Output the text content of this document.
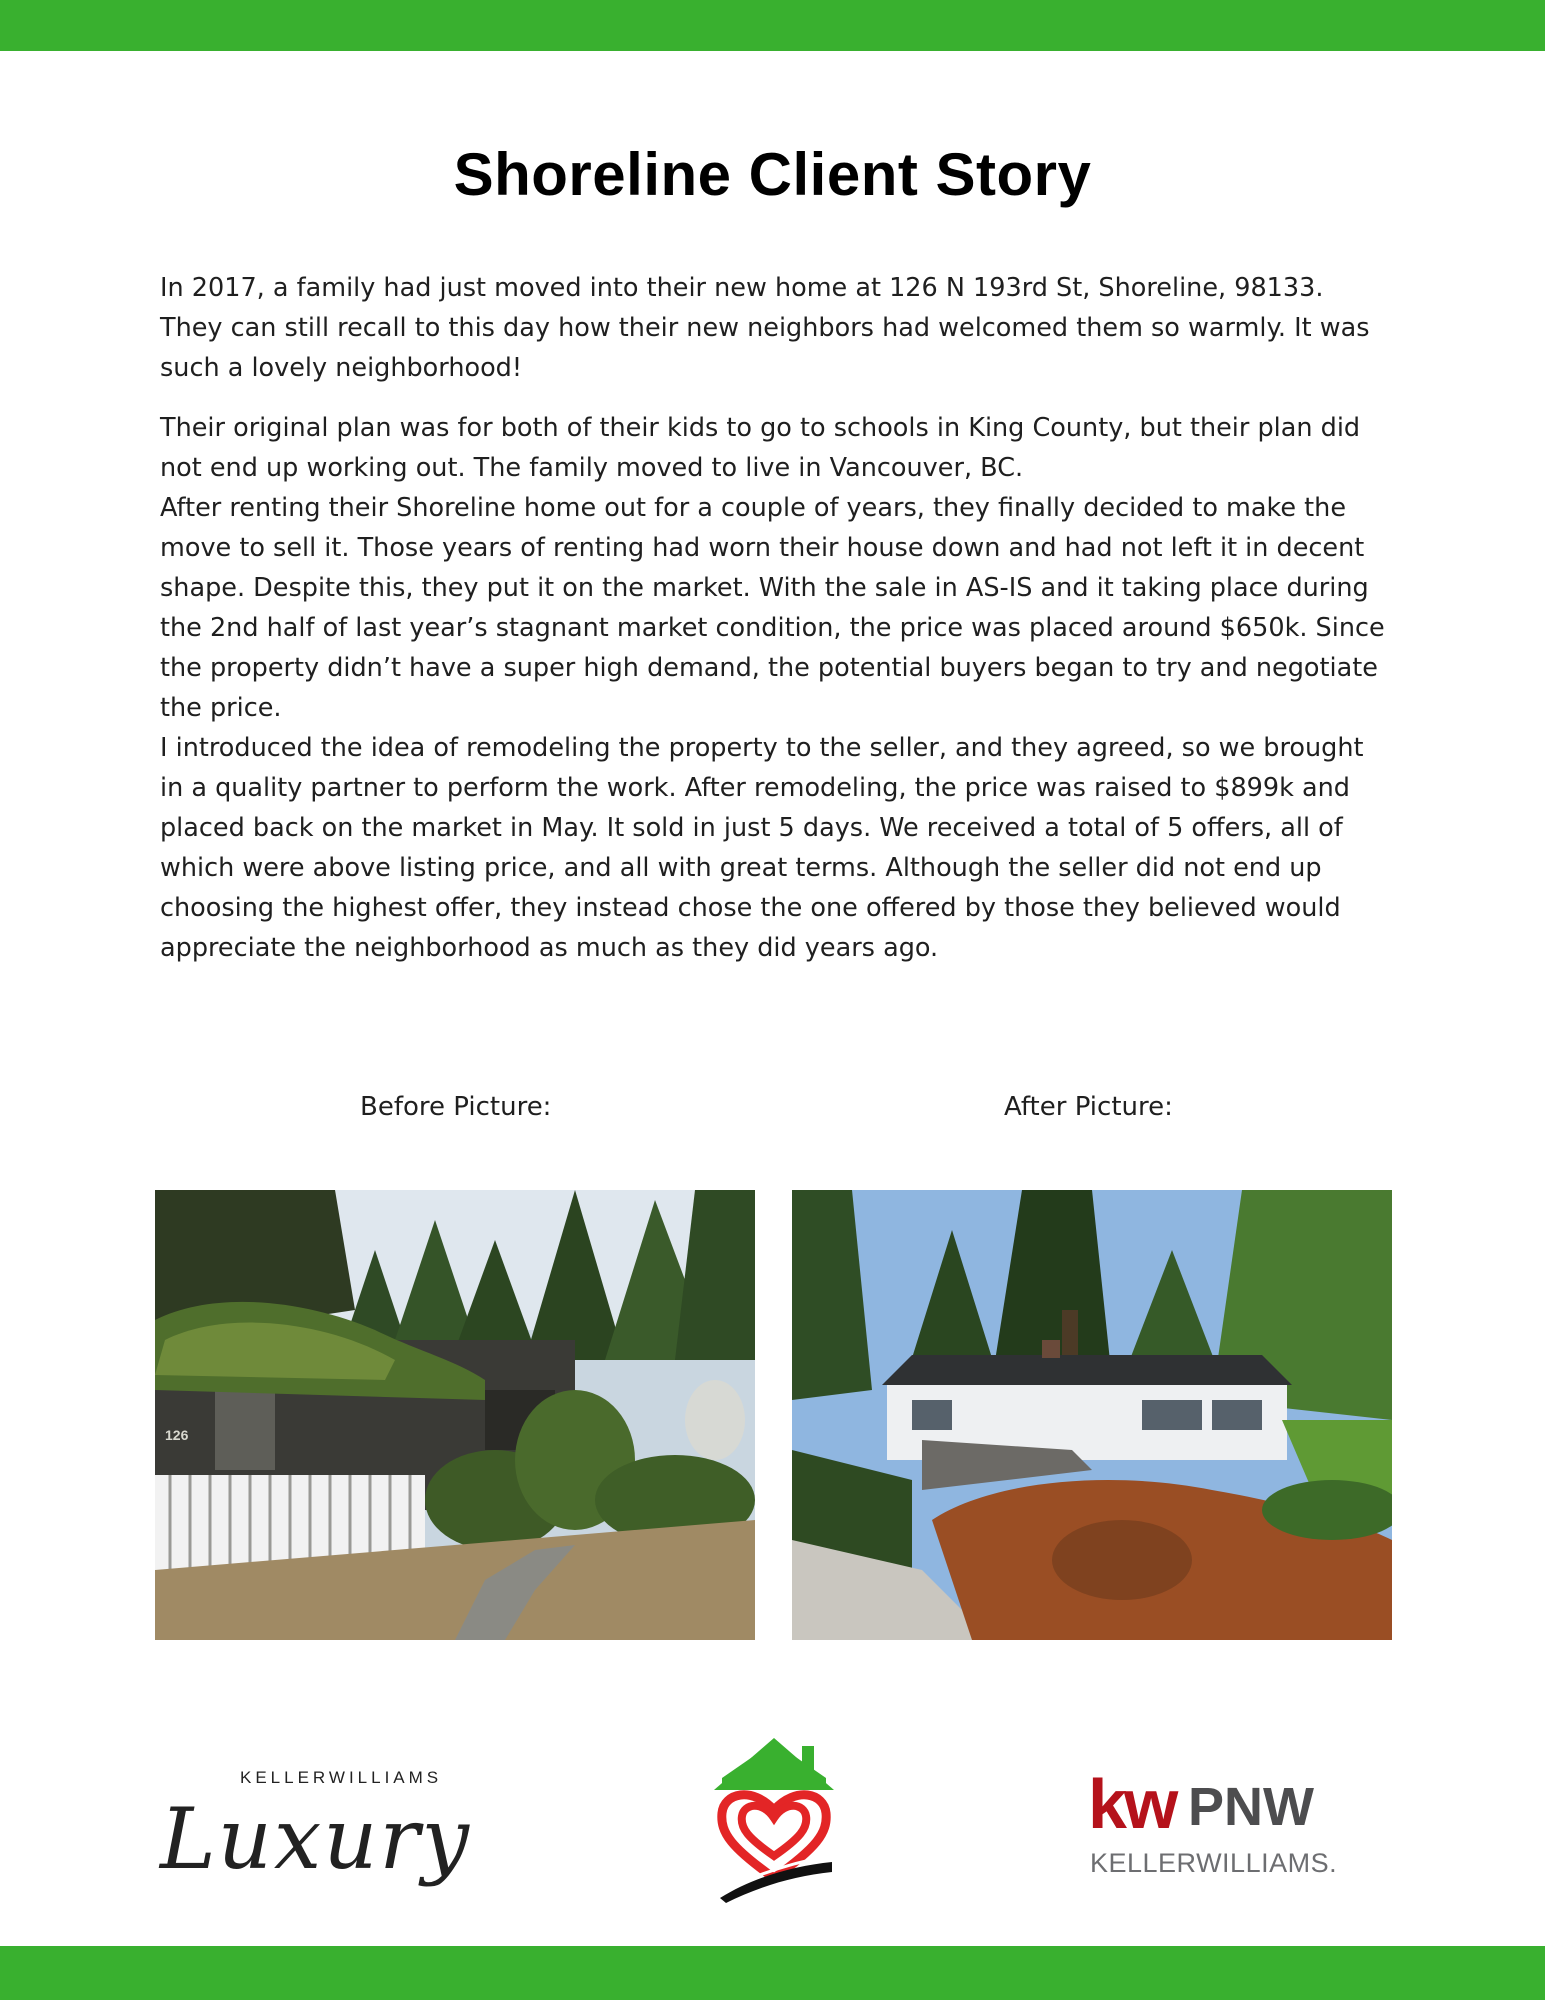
Shoreline Client Story

In 2017, a family had just moved into their new home at 126 N 193rd St, Shoreline, 98133. They can still recall to this day how their new neighbors had welcomed them so warmly. It was such a lovely neighborhood!

Their original plan was for both of their kids to go to schools in King County, but their plan did not end up working out. The family moved to live in Vancouver, BC.

After renting their Shoreline home out for a couple of years, they finally decided to make the move to sell it. Those years of renting had worn their house down and had not left it in decent shape. Despite this, they put it on the market. With the sale in AS-IS and it taking place during the 2nd half of last year’s stagnant market condition, the price was placed around $650k. Since the property didn’t have a super high demand, the potential buyers began to try and negotiate the price.

I introduced the idea of remodeling the property to the seller, and they agreed, so we brought in a quality partner to perform the work. After remodeling, the price was raised to $899k and placed back on the market in May. It sold in just 5 days. We received a total of 5 offers, all of which were above listing price, and all with great terms. Although the seller did not end up choosing the highest offer, they instead chose the one offered by those they believed would appreciate the neighborhood as much as they did years ago.

Before Picture:	After Picture:
126
KELLERWILLIAMS
Luxury	kw PNW
KELLERWILLIAMS.
